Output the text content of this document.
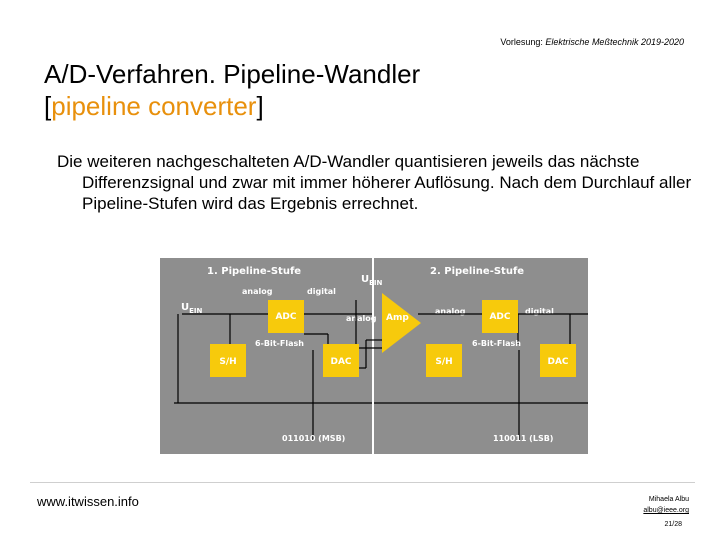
Vorlesung: Elektrische Meßtechnik 2019-2020
A/D-Verfahren. Pipeline-Wandler
[pipeline converter]

Die weiteren nachgeschalteten A/D-Wandler quantisieren jeweils das nächste Differenzsignal und zwar mit immer höherer Auflösung. Nach dem Durchlauf aller Pipeline-Stufen wird das Ergebnis errechnet.

1. Pipeline-Stufe	2. Pipeline-Stufe
analog	digital
analog	digital
analog
$U_{EIN}$
$U_{EIN}$
ADC
6-Bit-Flash
S/H	DAC
Amp	ADC
6-Bit-Flash
S/H	DAC
011010 (MSB)	110011 (LSB)
www.itwissen.info	Mihaela Albu
albu@ieee.org
21/28
